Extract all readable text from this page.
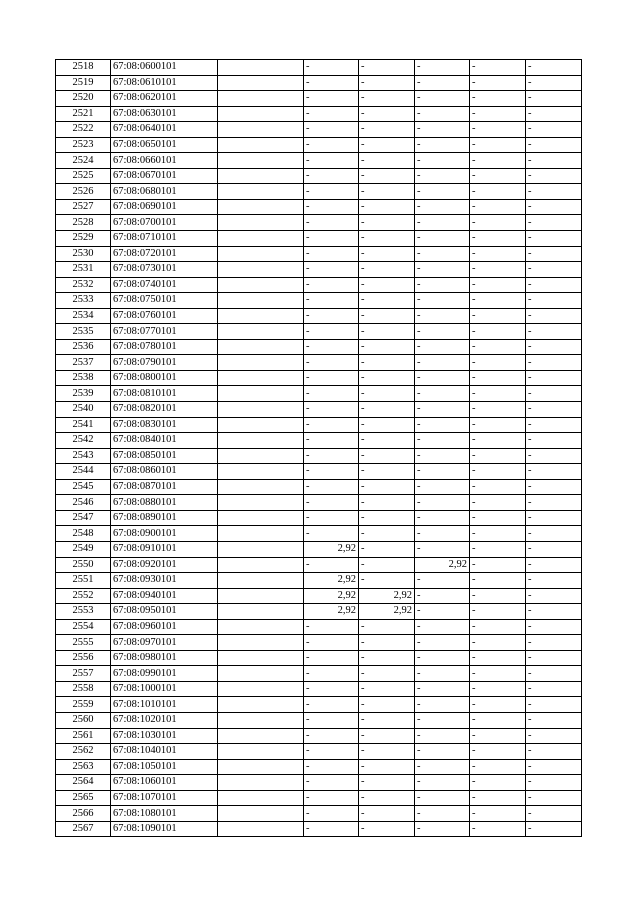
2518	67:08:0600101		-	-	-	-	-
2519	67:08:0610101		-	-	-	-	-
2520	67:08:0620101		-	-	-	-	-
2521	67:08:0630101		-	-	-	-	-
2522	67:08:0640101		-	-	-	-	-
2523	67:08:0650101		-	-	-	-	-
2524	67:08:0660101		-	-	-	-	-
2525	67:08:0670101		-	-	-	-	-
2526	67:08:0680101		-	-	-	-	-
2527	67:08:0690101		-	-	-	-	-
2528	67:08:0700101		-	-	-	-	-
2529	67:08:0710101		-	-	-	-	-
2530	67:08:0720101		-	-	-	-	-
2531	67:08:0730101		-	-	-	-	-
2532	67:08:0740101		-	-	-	-	-
2533	67:08:0750101		-	-	-	-	-
2534	67:08:0760101		-	-	-	-	-
2535	67:08:0770101		-	-	-	-	-
2536	67:08:0780101		-	-	-	-	-
2537	67:08:0790101		-	-	-	-	-
2538	67:08:0800101		-	-	-	-	-
2539	67:08:0810101		-	-	-	-	-
2540	67:08:0820101		-	-	-	-	-
2541	67:08:0830101		-	-	-	-	-
2542	67:08:0840101		-	-	-	-	-
2543	67:08:0850101		-	-	-	-	-
2544	67:08:0860101		-	-	-	-	-
2545	67:08:0870101		-	-	-	-	-
2546	67:08:0880101		-	-	-	-	-
2547	67:08:0890101		-	-	-	-	-
2548	67:08:0900101		-	-	-	-	-
2549	67:08:0910101		2,92	-	-	-	-
2550	67:08:0920101		-	-	2,92	-	-
2551	67:08:0930101		2,92	-	-	-	-
2552	67:08:0940101		2,92	2,92	-	-	-
2553	67:08:0950101		2,92	2,92	-	-	-
2554	67:08:0960101		-	-	-	-	-
2555	67:08:0970101		-	-	-	-	-
2556	67:08:0980101		-	-	-	-	-
2557	67:08:0990101		-	-	-	-	-
2558	67:08:1000101		-	-	-	-	-
2559	67:08:1010101		-	-	-	-	-
2560	67:08:1020101		-	-	-	-	-
2561	67:08:1030101		-	-	-	-	-
2562	67:08:1040101		-	-	-	-	-
2563	67:08:1050101		-	-	-	-	-
2564	67:08:1060101		-	-	-	-	-
2565	67:08:1070101		-	-	-	-	-
2566	67:08:1080101		-	-	-	-	-
2567	67:08:1090101		-	-	-	-	-
